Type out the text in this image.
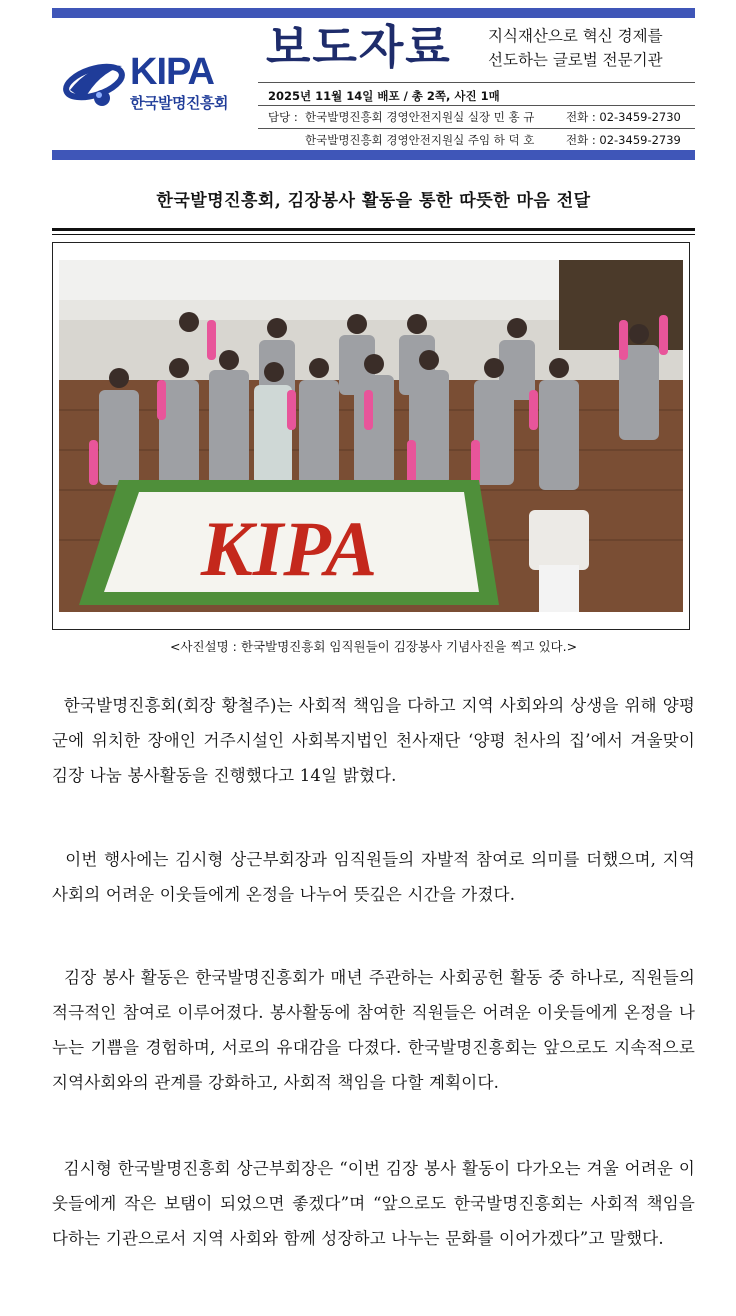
KIPA
한국발명진흥회
보도자료 지식재산으로 혁신 경제를
선도하는 글로벌 전문기관
2025년 11월 14일 배포 / 총 2쪽, 사진 1매
담당 : 한국발명진흥회 경영안전지원실 실장 민 홍 규	전화 : 02-3459-2730
한국발명진흥회 경영안전지원실 주임 하 덕 호	전화 : 02-3459-2739
한국발명진흥회, 김장봉사 활동을 통한 따뜻한 마음 전달
KIPA
<사진설명 : 한국발명진흥회 임직원들이 김장봉사 기념사진을 찍고 있다.>

한국발명진흥회(회장 황철주)는 사회적 책임을 다하고 지역 사회와의 상생을 위해 양평군에 위치한 장애인 거주시설인 사회복지법인 천사재단 ‘양평 천사의 집’에서 겨울맞이 김장 나눔 봉사활동을 진행했다고 14일 밝혔다.

이번 행사에는 김시형 상근부회장과 임직원들의 자발적 참여로 의미를 더했으며, 지역 사회의 어려운 이웃들에게 온정을 나누어 뜻깊은 시간을 가졌다.

김장 봉사 활동은 한국발명진흥회가 매년 주관하는 사회공헌 활동 중 하나로, 직원들의 적극적인 참여로 이루어졌다. 봉사활동에 참여한 직원들은 어려운 이웃들에게 온정을 나누는 기쁨을 경험하며, 서로의 유대감을 다졌다. 한국발명진흥회는 앞으로도 지속적으로 지역사회와의 관계를 강화하고, 사회적 책임을 다할 계획이다.

김시형 한국발명진흥회 상근부회장은 “이번 김장 봉사 활동이 다가오는 겨울 어려운 이웃들에게 작은 보탬이 되었으면 좋겠다”며 “앞으로도 한국발명진흥회는 사회적 책임을 다하는 기관으로서 지역 사회와 함께 성장하고 나누는 문화를 이어가겠다”고 말했다.
